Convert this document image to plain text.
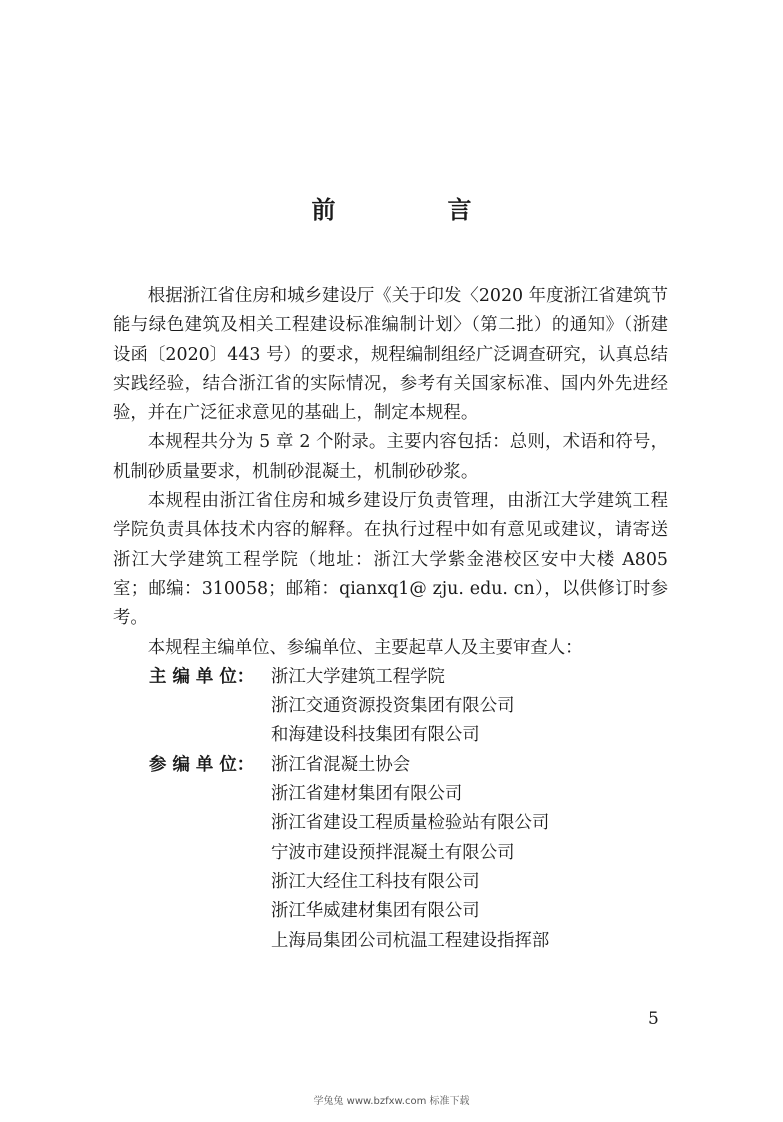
前　言

根据浙江省住房和城乡建设厅《关于印发〈2020 年度浙江省建筑节能与绿色建筑及相关工程建设标准编制计划〉（第二批）的通知》（浙建设函〔2020〕443 号）的要求，规程编制组经广泛调查研究，认真总结实践经验，结合浙江省的实际情况，参考有关国家标准、国内外先进经验，并在广泛征求意见的基础上，制定本规程。

本规程共分为 5 章 2 个附录。主要内容包括：总则，术语和符号，机制砂质量要求，机制砂混凝土，机制砂砂浆。

本规程由浙江省住房和城乡建设厅负责管理，由浙江大学建筑工程学院负责具体技术内容的解释。在执行过程中如有意见或建议，请寄送浙江大学建筑工程学院（地址：浙江大学紫金港校区安中大楼 A805 室；邮编：310058；邮箱：qianxq1@ zju. edu. cn），以供修订时参考。

本规程主编单位、参编单位、主要起草人及主要审查人：

主 编 单 位： 浙江大学建筑工程学院
浙江交通资源投资集团有限公司
和海建设科技集团有限公司
参 编 单 位： 浙江省混凝土协会
浙江省建材集团有限公司
浙江省建设工程质量检验站有限公司
宁波市建设预拌混凝土有限公司
浙江大经住工科技有限公司
浙江华威建材集团有限公司
上海局集团公司杭温工程建设指挥部
5
学兔兔 www.bzfxw.com 标准下载
